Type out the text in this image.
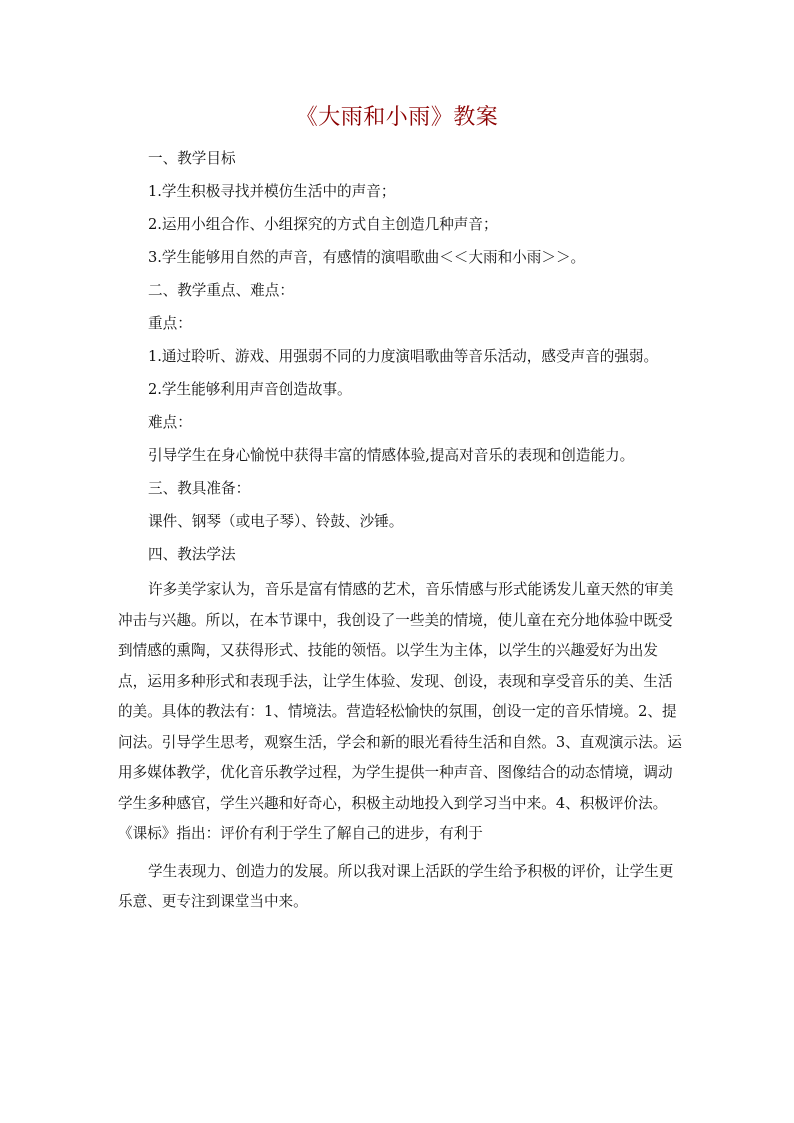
《大雨和小雨》教案

一、教学目标

1.学生积极寻找并模仿生活中的声音；

2.运用小组合作、小组探究的方式自主创造几种声音；

3.学生能够用自然的声音，有感情的演唱歌曲＜＜大雨和小雨＞＞。

二、教学重点、难点：

重点：

1.通过聆听、游戏、用强弱不同的力度演唱歌曲等音乐活动，感受声音的强弱。

2.学生能够利用声音创造故事。

难点：

引导学生在身心愉悦中获得丰富的情感体验,提高对音乐的表现和创造能力。

三、教具准备：

课件、钢琴（或电子琴）、铃鼓、沙锤。

四、教法学法

许多美学家认为，音乐是富有情感的艺术，音乐情感与形式能诱发儿童天然的审美冲击与兴趣。所以，在本节课中，我创设了一些美的情境，使儿童在充分地体验中既受到情感的熏陶，又获得形式、技能的领悟。以学生为主体，以学生的兴趣爱好为出发点，运用多种形式和表现手法，让学生体验、发现、创设，表现和享受音乐的美、生活的美。具体的教法有：1、情境法。营造轻松愉快的氛围，创设一定的音乐情境。2、提问法。引导学生思考，观察生活，学会和新的眼光看待生活和自然。3、直观演示法。运用多媒体教学，优化音乐教学过程，为学生提供一种声音、图像结合的动态情境，调动学生多种感官，学生兴趣和好奇心，积极主动地投入到学习当中来。4、积极评价法。《课标》指出：评价有利于学生了解自己的进步，有利于

学生表现力、创造力的发展。所以我对课上活跃的学生给予积极的评价，让学生更乐意、更专注到课堂当中来。
